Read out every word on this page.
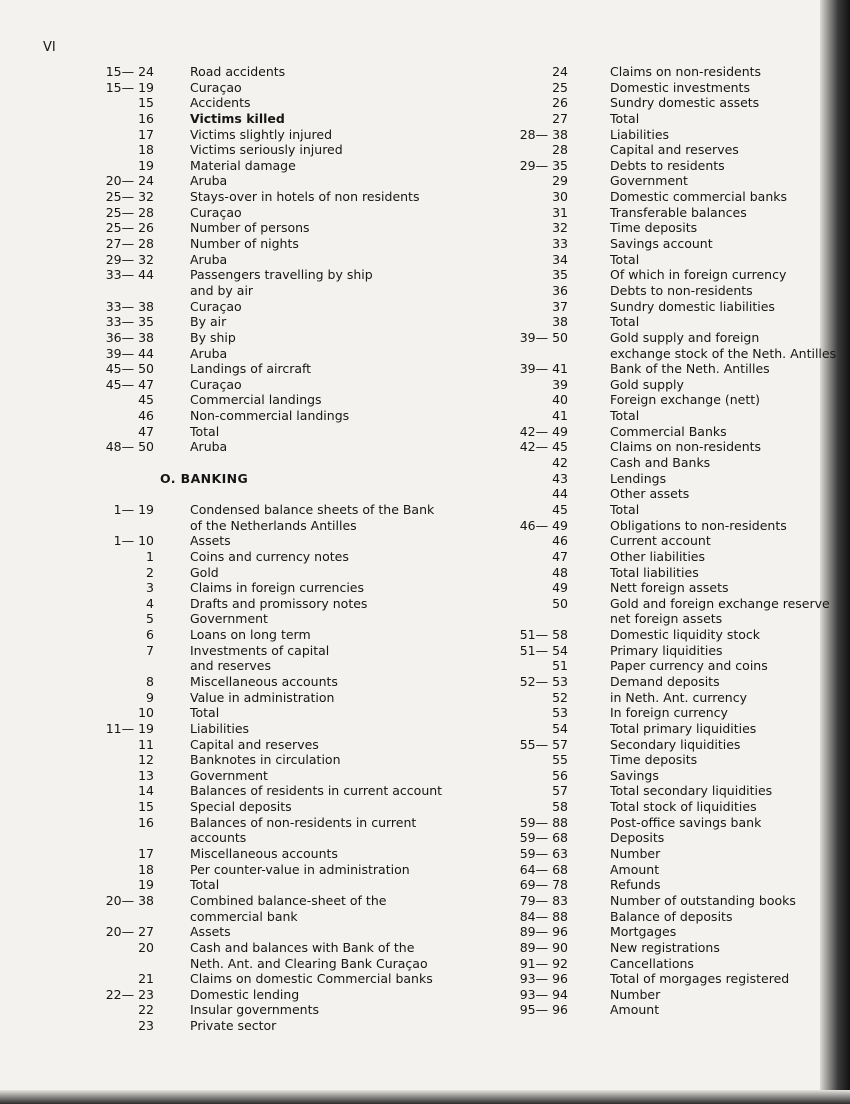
VI
15— 24	Road accidents
15— 19	Curaçao
15	Accidents
16	Victims killed
17	Victims slightly injured
18	Victims seriously injured
19	Material damage
20— 24	Aruba
25— 32	Stays-over in hotels of non residents
25— 28	Curaçao
25— 26	Number of persons
27— 28	Number of nights
29— 32	Aruba
33— 44	Passengers travelling by ship
and by air
33— 38	Curaçao
33— 35	By air
36— 38	By ship
39— 44	Aruba
45— 50	Landings of aircraft
45— 47	Curaçao
45	Commercial landings
46	Non-commercial landings
47	Total
48— 50	Aruba
O. BANKING
1— 19	Condensed balance sheets of the Bank
of the Netherlands Antilles
1— 10	Assets
1	Coins and currency notes
2	Gold
3	Claims in foreign currencies
4	Drafts and promissory notes
5	Government
6	Loans on long term
7	Investments of capital
and reserves
8	Miscellaneous accounts
9	Value in administration
10	Total
11— 19	Liabilities
11	Capital and reserves
12	Banknotes in circulation
13	Government
14	Balances of residents in current account
15	Special deposits
16	Balances of non-residents in current
accounts
17	Miscellaneous accounts
18	Per counter-value in administration
19	Total
20— 38	Combined balance-sheet of the
commercial bank
20— 27	Assets
20	Cash and balances with Bank of the
Neth. Ant. and Clearing Bank Curaçao
21	Claims on domestic Commercial banks
22— 23	Domestic lending
22	Insular governments
23	Private sector
24	Claims on non-residents
25	Domestic investments
26	Sundry domestic assets
27	Total
28— 38	Liabilities
28	Capital and reserves
29— 35	Debts to residents
29	Government
30	Domestic commercial banks
31	Transferable balances
32	Time deposits
33	Savings account
34	Total
35	Of which in foreign currency
36	Debts to non-residents
37	Sundry domestic liabilities
38	Total
39— 50	Gold supply and foreign
exchange stock of the Neth. Antilles
39— 41	Bank of the Neth. Antilles
39	Gold supply
40	Foreign exchange (nett)
41	Total
42— 49	Commercial Banks
42— 45	Claims on non-residents
42	Cash and Banks
43	Lendings
44	Other assets
45	Total
46— 49	Obligations to non-residents
46	Current account
47	Other liabilities
48	Total liabilities
49	Nett foreign assets
50	Gold and foreign exchange reserve
net foreign assets
51— 58	Domestic liquidity stock
51— 54	Primary liquidities
51	Paper currency and coins
52— 53	Demand deposits
52	in Neth. Ant. currency
53	In foreign currency
54	Total primary liquidities
55— 57	Secondary liquidities
55	Time deposits
56	Savings
57	Total secondary liquidities
58	Total stock of liquidities
59— 88	Post-office savings bank
59— 68	Deposits
59— 63	Number
64— 68	Amount
69— 78	Refunds
79— 83	Number of outstanding books
84— 88	Balance of deposits
89— 96	Mortgages
89— 90	New registrations
91— 92	Cancellations
93— 96	Total of morgages registered
93— 94	Number
95— 96	Amount
